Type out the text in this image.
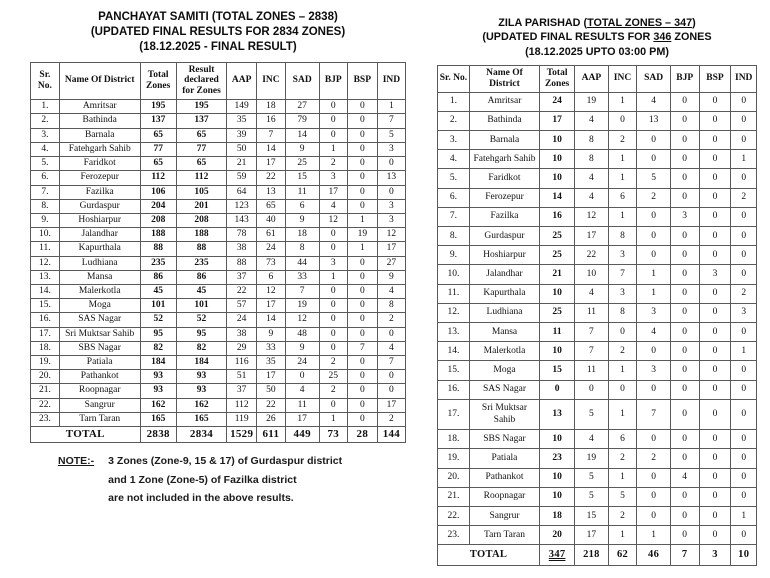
PANCHAYAT SAMITI (TOTAL ZONES – 2838)
(UPDATED FINAL RESULTS FOR 2834 ZONES)
(18.12.2025 - FINAL RESULT)
Sr. No.	Name Of District	Total Zones	Result declared for Zones	AAP	INC	SAD	BJP	BSP	IND
1.	Amritsar	195	195	149	18	27	0	0	1
2.	Bathinda	137	137	35	16	79	0	0	7
3.	Barnala	65	65	39	7	14	0	0	5
4.	Fatehgarh Sahib	77	77	50	14	9	1	0	3
5.	Faridkot	65	65	21	17	25	2	0	0
6.	Ferozepur	112	112	59	22	15	3	0	13
7.	Fazilka	106	105	64	13	11	17	0	0
8.	Gurdaspur	204	201	123	65	6	4	0	3
9.	Hoshiarpur	208	208	143	40	9	12	1	3
10.	Jalandhar	188	188	78	61	18	0	19	12
11.	Kapurthala	88	88	38	24	8	0	1	17
12.	Ludhiana	235	235	88	73	44	3	0	27
13.	Mansa	86	86	37	6	33	1	0	9
14.	Malerkotla	45	45	22	12	7	0	0	4
15.	Moga	101	101	57	17	19	0	0	8
16.	SAS Nagar	52	52	24	14	12	0	0	2
17.	Sri Muktsar Sahib	95	95	38	9	48	0	0	0
18.	SBS Nagar	82	82	29	33	9	0	7	4
19.	Patiala	184	184	116	35	24	2	0	7
20.	Pathankot	93	93	51	17	0	25	0	0
21.	Roopnagar	93	93	37	50	4	2	0	0
22.	Sangrur	162	162	112	22	11	0	0	17
23.	Tarn Taran	165	165	119	26	17	1	0	2
TOTAL		2838	2834	1529	611	449	73	28	144
NOTE:- 3 Zones (Zone-9, 15 & 17) of Gurdaspur district
and 1 Zone (Zone-5) of Fazilka district
are not included in the above results.
ZILA PARISHAD (TOTAL ZONES – 347)
(UPDATED FINAL RESULTS FOR 346 ZONES
(18.12.2025 UPTO 03:00 PM)
Sr. No.	Name Of District	Total Zones	AAP	INC	SAD	BJP	BSP	IND
1.	Amritsar	24	19	1	4	0	0	0
2.	Bathinda	17	4	0	13	0	0	0
3.	Barnala	10	8	2	0	0	0	0
4.	Fatehgarh Sahib	10	8	1	0	0	0	1
5.	Faridkot	10	4	1	5	0	0	0
6.	Ferozepur	14	4	6	2	0	0	2
7.	Fazilka	16	12	1	0	3	0	0
8.	Gurdaspur	25	17	8	0	0	0	0
9.	Hoshiarpur	25	22	3	0	0	0	0
10.	Jalandhar	21	10	7	1	0	3	0
11.	Kapurthala	10	4	3	1	0	0	2
12.	Ludhiana	25	11	8	3	0	0	3
13.	Mansa	11	7	0	4	0	0	0
14.	Malerkotla	10	7	2	0	0	0	1
15.	Moga	15	11	1	3	0	0	0
16.	SAS Nagar	0	0	0	0	0	0	0
17.	Sri Muktsar Sahib	13	5	1	7	0	0	0
18.	SBS Nagar	10	4	6	0	0	0	0
19.	Patiala	23	19	2	2	0	0	0
20.	Pathankot	10	5	1	0	4	0	0
21.	Roopnagar	10	5	5	0	0	0	0
22.	Sangrur	18	15	2	0	0	0	1
23.	Tarn Taran	20	17	1	1	0	0	0
TOTAL		347	218	62	46	7	3	10
